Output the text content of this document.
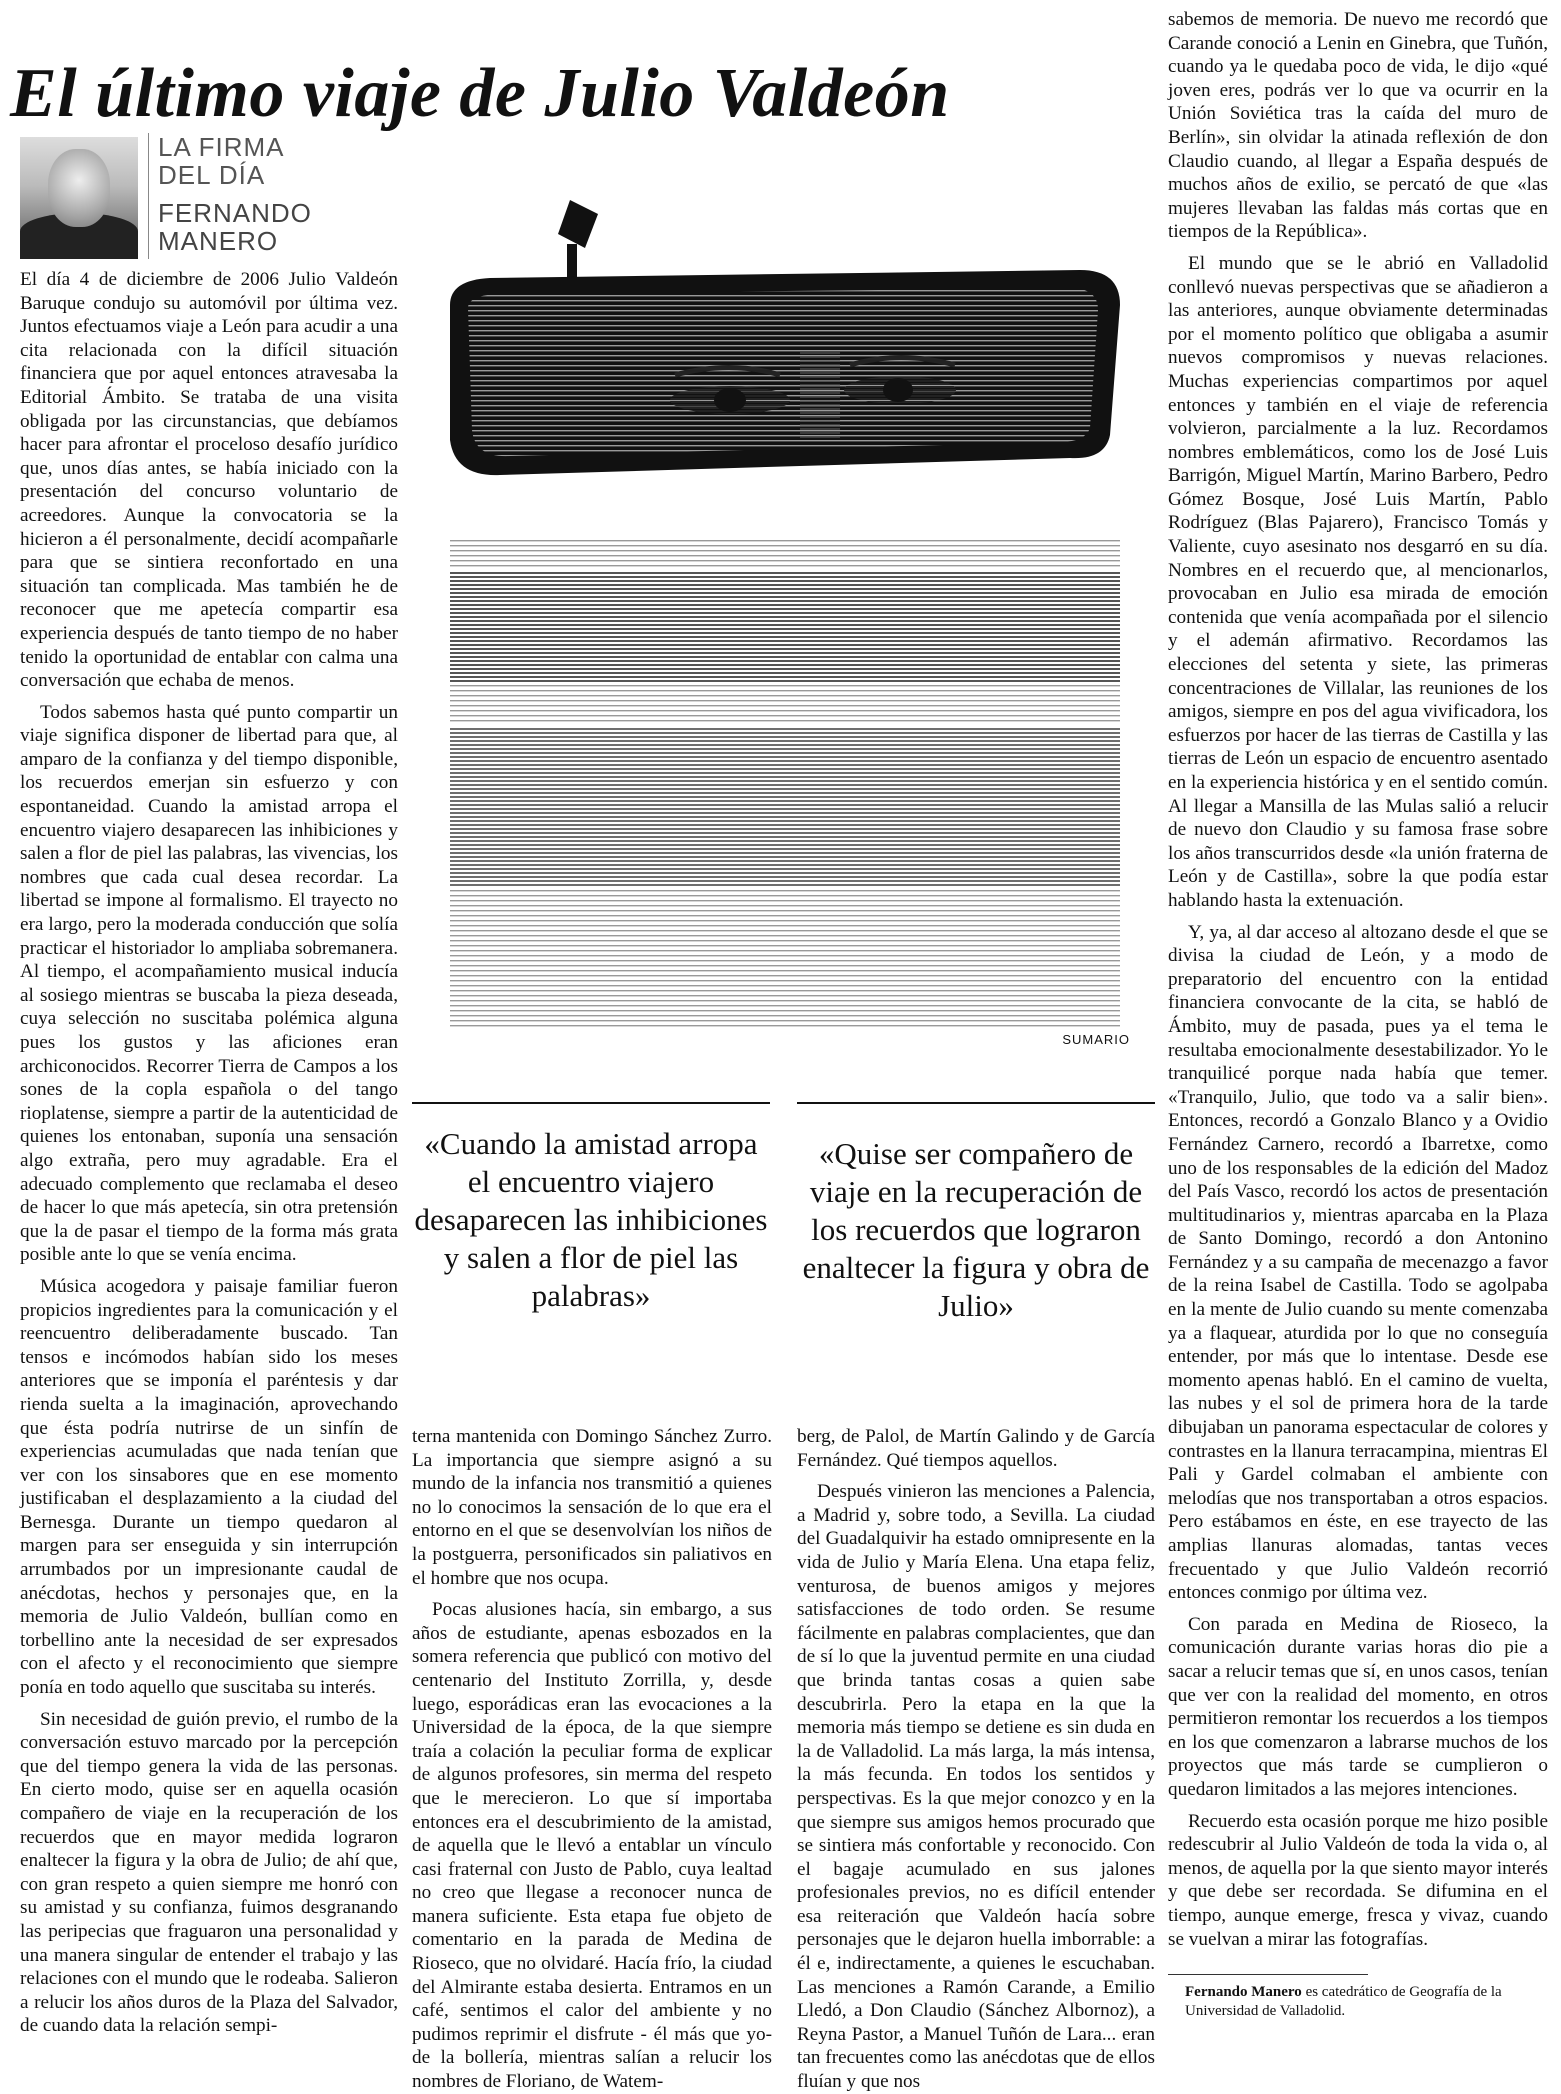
El último viaje de Julio Valdeón
LA FIRMA
DEL DÍA
FERNANDO
MANERO

El día 4 de diciembre de 2006 Julio Valdeón Baruque condujo su automóvil por última vez. Juntos efectuamos viaje a León para acudir a una cita relacionada con la difícil situación financiera que por aquel entonces atravesaba la Editorial Ámbito. Se trataba de una visita obligada por las circunstancias, que debíamos hacer para afrontar el proceloso desafío jurídico que, unos días antes, se había iniciado con la presentación del concurso voluntario de acreedores. Aunque la convocatoria se la hicieron a él personalmente, decidí acompañarle para que se sintiera reconfortado en una situación tan complicada. Mas también he de reconocer que me apetecía compartir esa experiencia después de tanto tiempo de no haber tenido la oportunidad de entablar con calma una conversación que echaba de menos.

Todos sabemos hasta qué punto compartir un viaje significa disponer de libertad para que, al amparo de la confianza y del tiempo disponible, los recuerdos emerjan sin esfuerzo y con espontaneidad. Cuando la amistad arropa el encuentro viajero desaparecen las inhibiciones y salen a flor de piel las palabras, las vivencias, los nombres que cada cual desea recordar. La libertad se impone al formalismo. El trayecto no era largo, pero la moderada conducción que solía practicar el historiador lo ampliaba sobremanera. Al tiempo, el acompañamiento musical inducía al sosiego mientras se buscaba la pieza deseada, cuya selección no suscitaba polémica alguna pues los gustos y las aficiones eran archiconocidos. Recorrer Tierra de Campos a los sones de la copla española o del tango rioplatense, siempre a partir de la autenticidad de quienes los entonaban, suponía una sensación algo extraña, pero muy agradable. Era el adecuado complemento que reclamaba el deseo de hacer lo que más apetecía, sin otra pretensión que la de pasar el tiempo de la forma más grata posible ante lo que se venía encima.

Música acogedora y paisaje familiar fueron propicios ingredientes para la comunicación y el reencuentro deliberadamente buscado. Tan tensos e incómodos habían sido los meses anteriores que se imponía el paréntesis y dar rienda suelta a la imaginación, aprovechando que ésta podría nutrirse de un sinfín de experiencias acumuladas que nada tenían que ver con los sinsabores que en ese momento justificaban el desplazamiento a la ciudad del Bernesga. Durante un tiempo quedaron al margen para ser enseguida y sin interrupción arrumbados por un impresionante caudal de anécdotas, hechos y personajes que, en la memoria de Julio Valdeón, bullían como en torbellino ante la necesidad de ser expresados con el afecto y el reconocimiento que siempre ponía en todo aquello que suscitaba su interés.

Sin necesidad de guión previo, el rumbo de la conversación estuvo marcado por la percepción que del tiempo genera la vida de las personas. En cierto modo, quise ser en aquella ocasión compañero de viaje en la recuperación de los recuerdos que en mayor medida lograron enaltecer la figura y la obra de Julio; de ahí que, con gran respeto a quien siempre me honró con su amistad y su confianza, fuimos desgranando las peripecias que fraguaron una personalidad y una manera singular de entender el trabajo y las relaciones con el mundo que le rodeaba. Salieron a relucir los años duros de la Plaza del Salvador, de cuando data la relación sempi-

SUMARIO
«Cuando la amistad arropa el encuentro viajero desaparecen las inhibiciones y salen a flor de piel las palabras»
«Quise ser compañero de viaje en la recuperación de los recuerdos que lograron enaltecer la figura y obra de Julio»

terna mantenida con Domingo Sánchez Zurro. La importancia que siempre asignó a su mundo de la infancia nos transmitió a quienes no lo conocimos la sensación de lo que era el entorno en el que se desenvolvían los niños de la postguerra, personificados sin paliativos en el hombre que nos ocupa.

Pocas alusiones hacía, sin embargo, a sus años de estudiante, apenas esbozados en la somera referencia que publicó con motivo del centenario del Instituto Zorrilla, y, desde luego, esporádicas eran las evocaciones a la Universidad de la época, de la que siempre traía a colación la peculiar forma de explicar de algunos profesores, sin merma del respeto que le merecieron. Lo que sí importaba entonces era el descubrimiento de la amistad, de aquella que le llevó a entablar un vínculo casi fraternal con Justo de Pablo, cuya lealtad no creo que llegase a reconocer nunca de manera suficiente. Esta etapa fue objeto de comentario en la parada de Medina de Rioseco, que no olvidaré. Hacía frío, la ciudad del Almirante estaba desierta. Entramos en un café, sentimos el calor del ambiente y no pudimos reprimir el disfrute - él más que yo- de la bollería, mientras salían a relucir los nombres de Floriano, de Watem-

berg, de Palol, de Martín Galindo y de García Fernández. Qué tiempos aquellos.

Después vinieron las menciones a Palencia, a Madrid y, sobre todo, a Sevilla. La ciudad del Guadalquivir ha estado omnipresente en la vida de Julio y María Elena. Una etapa feliz, venturosa, de buenos amigos y mejores satisfacciones de todo orden. Se resume fácilmente en palabras complacientes, que dan de sí lo que la juventud permite en una ciudad que brinda tantas cosas a quien sabe descubrirla. Pero la etapa en la que la memoria más tiempo se detiene es sin duda en la de Valladolid. La más larga, la más intensa, la más fecunda. En todos los sentidos y perspectivas. Es la que mejor conozco y en la que siempre sus amigos hemos procurado que se sintiera más confortable y reconocido. Con el bagaje acumulado en sus jalones profesionales previos, no es difícil entender esa reiteración que Valdeón hacía sobre personajes que le dejaron huella imborrable: a él e, indirectamente, a quienes le escuchaban. Las menciones a Ramón Carande, a Emilio Lledó, a Don Claudio (Sánchez Albornoz), a Reyna Pastor, a Manuel Tuñón de Lara... eran tan frecuentes como las anécdotas que de ellos fluían y que nos

sabemos de memoria. De nuevo me recordó que Carande conoció a Lenin en Ginebra, que Tuñón, cuando ya le quedaba poco de vida, le dijo «qué joven eres, podrás ver lo que va ocurrir en la Unión Soviética tras la caída del muro de Berlín», sin olvidar la atinada reflexión de don Claudio cuando, al llegar a España después de muchos años de exilio, se percató de que «las mujeres llevaban las faldas más cortas que en tiempos de la República».

El mundo que se le abrió en Valladolid conllevó nuevas perspectivas que se añadieron a las anteriores, aunque obviamente determinadas por el momento político que obligaba a asumir nuevos compromisos y nuevas relaciones. Muchas experiencias compartimos por aquel entonces y también en el viaje de referencia volvieron, parcialmente a la luz. Recordamos nombres emblemáticos, como los de José Luis Barrigón, Miguel Martín, Marino Barbero, Pedro Gómez Bosque, José Luis Martín, Pablo Rodríguez (Blas Pajarero), Francisco Tomás y Valiente, cuyo asesinato nos desgarró en su día. Nombres en el recuerdo que, al mencionarlos, provocaban en Julio esa mirada de emoción contenida que venía acompañada por el silencio y el ademán afirmativo. Recordamos las elecciones del setenta y siete, las primeras concentraciones de Villalar, las reuniones de los amigos, siempre en pos del agua vivificadora, los esfuerzos por hacer de las tierras de Castilla y las tierras de León un espacio de encuentro asentado en la experiencia histórica y en el sentido común. Al llegar a Mansilla de las Mulas salió a relucir de nuevo don Claudio y su famosa frase sobre los años transcurridos desde «la unión fraterna de León y de Castilla», sobre la que podía estar hablando hasta la extenuación.

Y, ya, al dar acceso al altozano desde el que se divisa la ciudad de León, y a modo de preparatorio del encuentro con la entidad financiera convocante de la cita, se habló de Ámbito, muy de pasada, pues ya el tema le resultaba emocionalmente desestabilizador. Yo le tranquilicé porque nada había que temer. «Tranquilo, Julio, que todo va a salir bien». Entonces, recordó a Gonzalo Blanco y a Ovidio Fernández Carnero, recordó a Ibarretxe, como uno de los responsables de la edición del Madoz del País Vasco, recordó los actos de presentación multitudinarios y, mientras aparcaba en la Plaza de Santo Domingo, recordó a don Antonino Fernández y a su campaña de mecenazgo a favor de la reina Isabel de Castilla. Todo se agolpaba en la mente de Julio cuando su mente comenzaba ya a flaquear, aturdida por lo que no conseguía entender, por más que lo intentase. Desde ese momento apenas habló. En el camino de vuelta, las nubes y el sol de primera hora de la tarde dibujaban un panorama espectacular de colores y contrastes en la llanura terracampina, mientras El Pali y Gardel colmaban el ambiente con melodías que nos transportaban a otros espacios. Pero estábamos en éste, en ese trayecto de las amplias llanuras alomadas, tantas veces frecuentado y que Julio Valdeón recorrió entonces conmigo por última vez.

Con parada en Medina de Rioseco, la comunicación durante varias horas dio pie a sacar a relucir temas que sí, en unos casos, tenían que ver con la realidad del momento, en otros permitieron remontar los recuerdos a los tiempos en los que comenzaron a labrarse muchos de los proyectos que más tarde se cumplieron o quedaron limitados a las mejores intenciones.

Recuerdo esta ocasión porque me hizo posible redescubrir al Julio Valdeón de toda la vida o, al menos, de aquella por la que siento mayor interés y que debe ser recordada. Se difumina en el tiempo, aunque emerge, fresca y vivaz, cuando se vuelvan a mirar las fotografías.

Fernando Manero es catedrático de Geografía de la Universidad de Valladolid.
